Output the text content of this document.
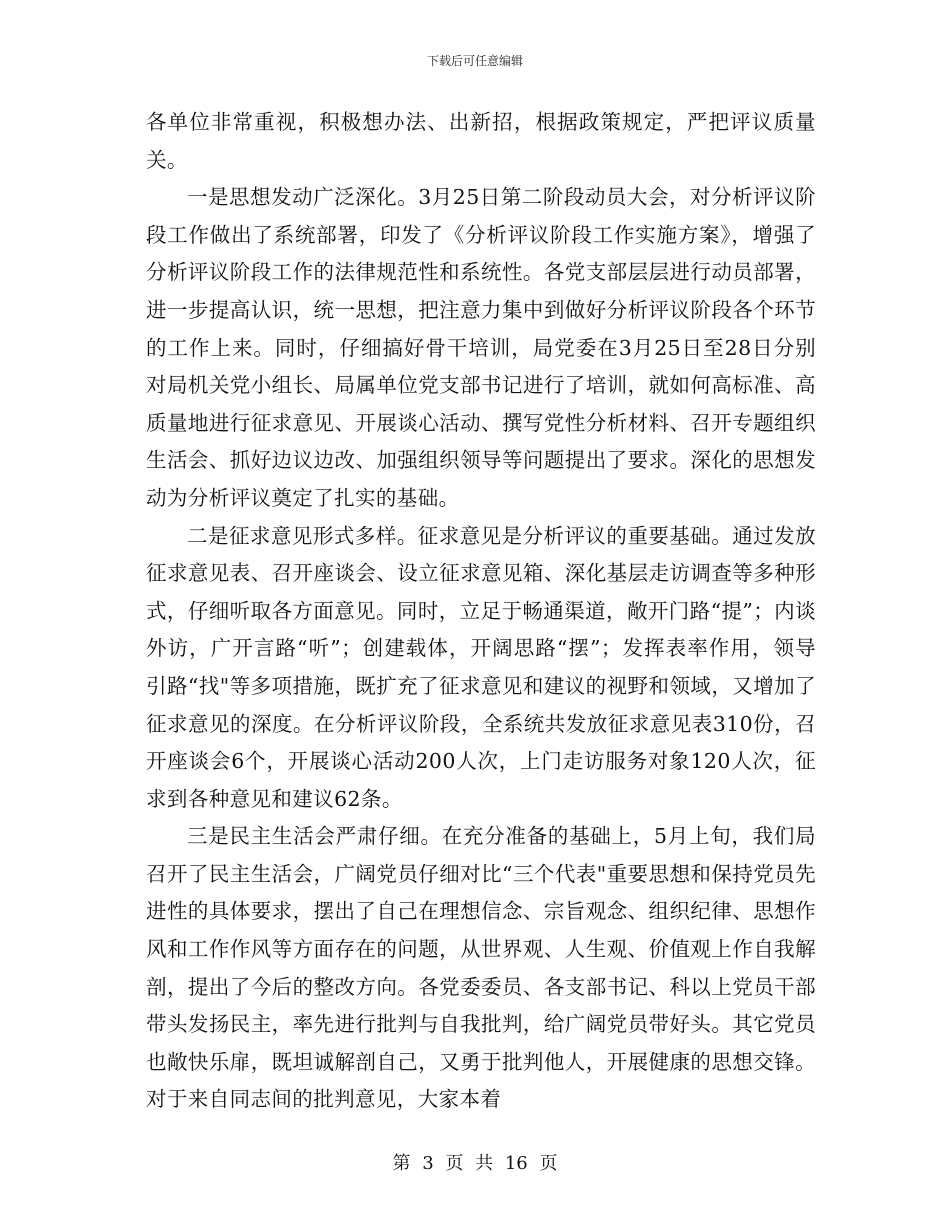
下载后可任意编辑

各单位非常重视，积极想办法、出新招，根据政策规定，严把评议质量关。

一是思想发动广泛深化。3月25日第二阶段动员大会，对分析评议阶段工作做出了系统部署，印发了《分析评议阶段工作实施方案》，增强了分析评议阶段工作的法律规范性和系统性。各党支部层层进行动员部署，进一步提高认识，统一思想，把注意力集中到做好分析评议阶段各个环节的工作上来。同时，仔细搞好骨干培训，局党委在3月25日至28日分别对局机关党小组长、局属单位党支部书记进行了培训，就如何高标准、高质量地进行征求意见、开展谈心活动、撰写党性分析材料、召开专题组织生活会、抓好边议边改、加强组织领导等问题提出了要求。深化的思想发动为分析评议奠定了扎实的基础。

二是征求意见形式多样。征求意见是分析评议的重要基础。通过发放征求意见表、召开座谈会、设立征求意见箱、深化基层走访调查等多种形式，仔细听取各方面意见。同时，立足于畅通渠道，敞开门路“提”；内谈外访，广开言路“听”；创建载体，开阔思路“摆”；发挥表率作用，领导引路“找"等多项措施，既扩充了征求意见和建议的视野和领域，又增加了征求意见的深度。在分析评议阶段，全系统共发放征求意见表310份，召开座谈会6个，开展谈心活动200人次，上门走访服务对象120人次，征求到各种意见和建议62条。

三是民主生活会严肃仔细。在充分准备的基础上，5月上旬，我们局召开了民主生活会，广阔党员仔细对比“三个代表"重要思想和保持党员先进性的具体要求，摆出了自己在理想信念、宗旨观念、组织纪律、思想作风和工作作风等方面存在的问题，从世界观、人生观、价值观上作自我解剖，提出了今后的整改方向。各党委委员、各支部书记、科以上党员干部带头发扬民主，率先进行批判与自我批判，给广阔党员带好头。其它党员也敞快乐扉，既坦诚解剖自己，又勇于批判他人，开展健康的思想交锋。对于来自同志间的批判意见，大家本着

第 3 页 共 16 页
